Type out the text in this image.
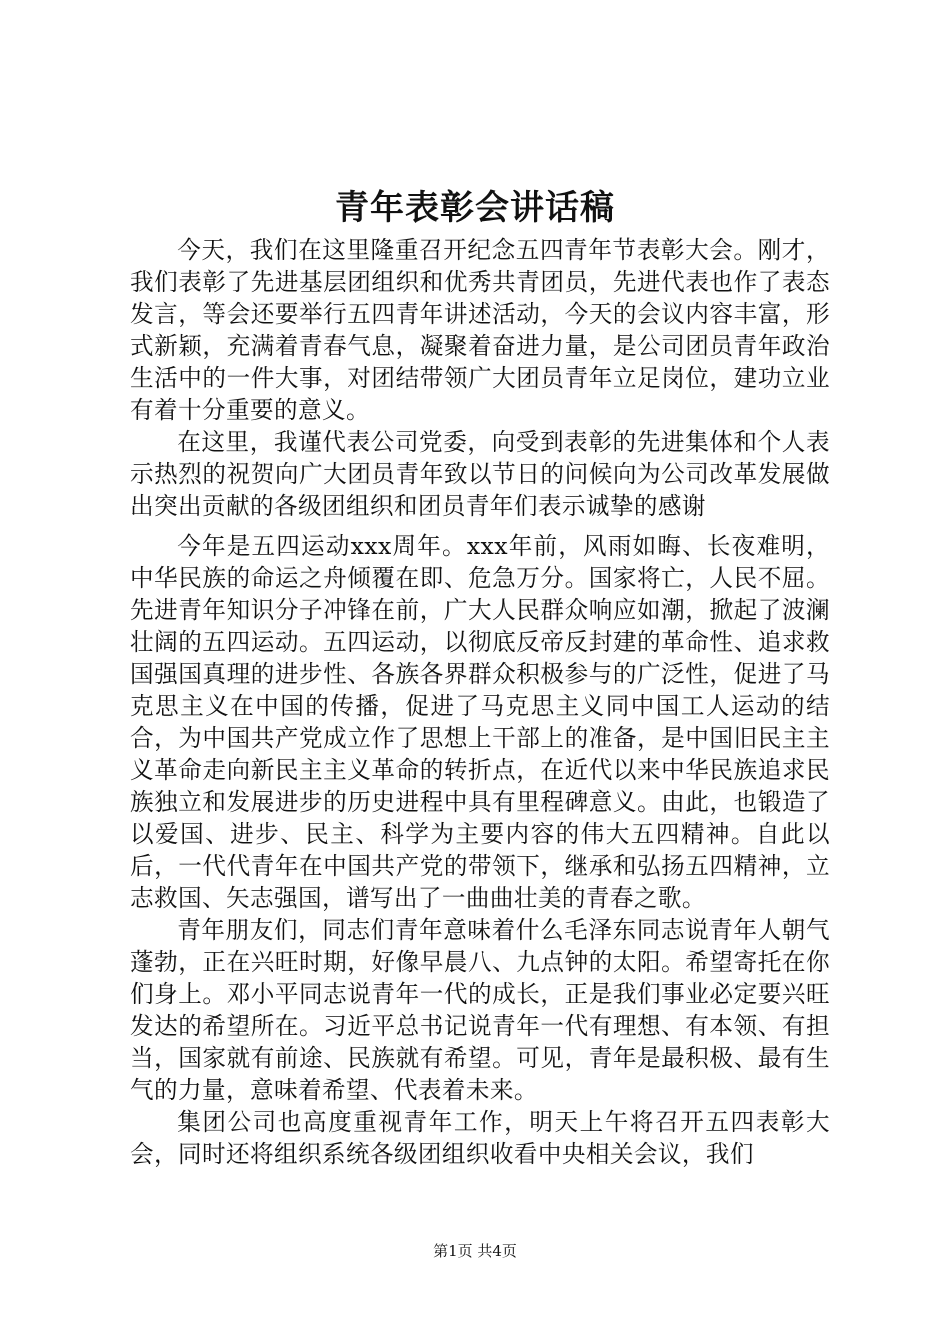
青年表彰会讲话稿

今天，我们在这里隆重召开纪念五四青年节表彰大会。刚才，我们表彰了先进基层团组织和优秀共青团员，先进代表也作了表态发言，等会还要举行五四青年讲述活动，今天的会议内容丰富，形式新颖，充满着青春气息，凝聚着奋进力量，是公司团员青年政治生活中的一件大事，对团结带领广大团员青年立足岗位，建功立业有着十分重要的意义。

在这里，我谨代表公司党委，向受到表彰的先进集体和个人表示热烈的祝贺向广大团员青年致以节日的问候向为公司改革发展做出突出贡献的各级团组织和团员青年们表示诚挚的感谢

今年是五四运动xxx周年。xxx年前，风雨如晦、长夜难明，中华民族的命运之舟倾覆在即、危急万分。国家将亡，人民不屈。先进青年知识分子冲锋在前，广大人民群众响应如潮，掀起了波澜壮阔的五四运动。五四运动，以彻底反帝反封建的革命性、追求救国强国真理的进步性、各族各界群众积极参与的广泛性，促进了马克思主义在中国的传播，促进了马克思主义同中国工人运动的结合，为中国共产党成立作了思想上干部上的准备，是中国旧民主主义革命走向新民主主义革命的转折点，在近代以来中华民族追求民族独立和发展进步的历史进程中具有里程碑意义。由此，也锻造了以爱国、进步、民主、科学为主要内容的伟大五四精神。自此以后，一代代青年在中国共产党的带领下，继承和弘扬五四精神，立志救国、矢志强国，谱写出了一曲曲壮美的青春之歌。

青年朋友们，同志们青年意味着什么毛泽东同志说青年人朝气蓬勃，正在兴旺时期，好像早晨八、九点钟的太阳。希望寄托在你们身上。邓小平同志说青年一代的成长，正是我们事业必定要兴旺发达的希望所在。习近平总书记说青年一代有理想、有本领、有担当，国家就有前途、民族就有希望。可见，青年是最积极、最有生气的力量，意味着希望、代表着未来。

集团公司也高度重视青年工作，明天上午将召开五四表彰大会，同时还将组织系统各级团组织收看中央相关会议，我们

第1页 共4页
